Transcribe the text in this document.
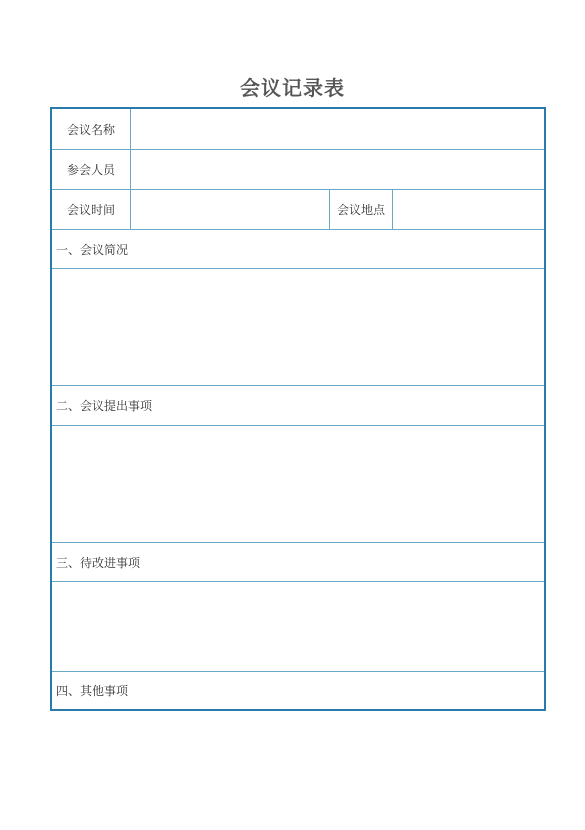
会议记录表
会议名称
参会人员
会议时间	会议地点
一、会议简况
二、会议提出事项
三、待改进事项
四、其他事项
